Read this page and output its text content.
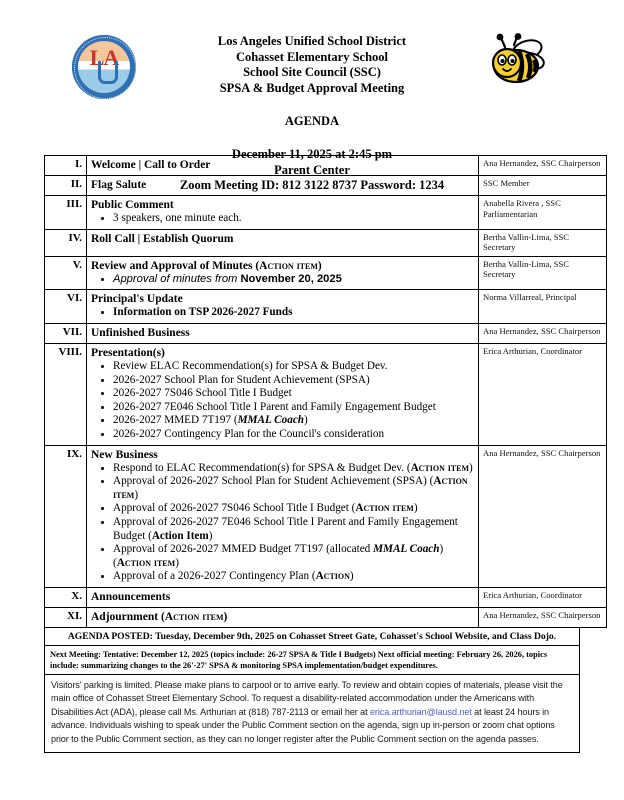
LA
Los Angeles Unified School District
Cohasset Elementary School
School Site Council (SSC)
SPSA & Budget Approval Meeting
AGENDA
December 11, 2025 at 2:45 pm
Parent Center
Zoom Meeting ID: 812 3122 8737 Password: 1234
I.	Welcome | Call to Order	Ana Hernandez, SSC Chairperson
II.	Flag Salute	SSC Member
III.	Public Comment
• 3 speakers, one minute each.
	Anabella Rivera , SSC Parliamentarian
IV.	Roll Call | Establish Quorum	Bertha Vallin-Lima, SSC Secretary
V.	Review and Approval of Minutes (Action item)
• Approval of minutes from November 20, 2025
	Bertha Vallin-Lima, SSC Secretary
VI.	Principal's Update
• Information on TSP 2026-2027 Funds
	Norma Villarreal, Principal
VII.	Unfinished Business	Ana Hernandez, SSC Chairperson
VIII.	Presentation(s)
• Review ELAC Recommendation(s) for SPSA & Budget Dev.
• 2026-2027 School Plan for Student Achievement (SPSA)
• 2026-2027 7S046 School Title I Budget
• 2026-2027 7E046 School Title I Parent and Family Engagement Budget
• 2026-2027 MMED 7T197 (MMAL Coach)
• 2026-2027 Contingency Plan for the Council's consideration
	Erica Arthurian, Coordinator
IX.	New Business
• Respond to ELAC Recommendation(s) for SPSA & Budget Dev. (Action item)
• Approval of 2026-2027 School Plan for Student Achievement (SPSA) (Action item)
• Approval of 2026-2027 7S046 School Title I Budget (Action item)
• Approval of 2026-2027 7E046 School Title I Parent and Family Engagement Budget (Action Item)
• Approval of 2026-2027 MMED Budget 7T197 (allocated MMAL Coach) (Action item)
• Approval of a 2026-2027 Contingency Plan (Action)
	Ana Hernandez, SSC Chairperson
X.	Announcements	Erica Arthurian, Coordinator
XI.	Adjournment (Action item)	Ana Hernandez, SSC Chairperson
AGENDA POSTED: Tuesday, December 9th, 2025 on Cohasset Street Gate, Cohasset's School Website, and Class Dojo.
Next Meeting: Tentative: December 12, 2025 (topics include: 26-27 SPSA & Title I Budgets) Next official meeting: February 26, 2026, topics include: summarizing changes to the 26'-27' SPSA & monitoring SPSA implementation/budget expenditures.
Visitors' parking is limited. Please make plans to carpool or to arrive early. To review and obtain copies of materials, please visit the main office of Cohasset Street Elementary School. To request a disability-related accommodation under the Americans with Disabilities Act (ADA), please call Ms. Arthurian at (818) 787-2113 or email her at erica.arthurian@lausd.net at least 24 hours in advance. Individuals wishing to speak under the Public Comment section on the agenda, sign up in-person or zoom chat options prior to the Public Comment section, as they can no longer register after the Public Comment section on the agenda passes.
